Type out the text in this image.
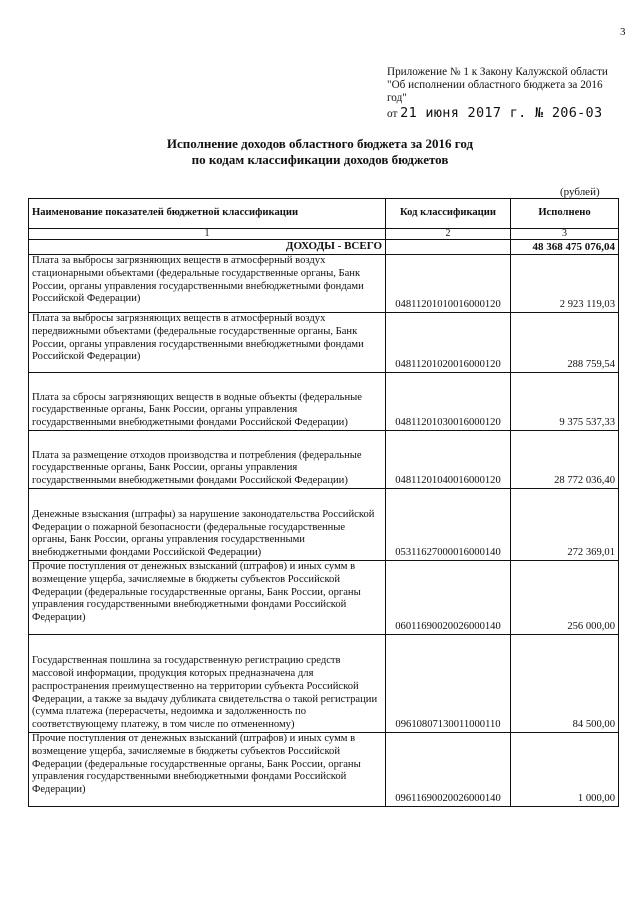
3
Приложение № 1 к Закону Калужской области
"Об исполнении областного бюджета за 2016
год"
от 21 июня 2017 г. № 206-03
Исполнение доходов областного бюджета за 2016 год
по кодам классификации доходов бюджетов
(рублей)
Наименование показателей бюджетной классификации	Код классификации	Исполнено
1	2	3
ДОХОДЫ - ВСЕГО		48 368 475 076,04
Плата за выбросы загрязняющих веществ в атмосферный воздух стационарными объектами (федеральные государственные органы, Банк России, органы управления государственными внебюджетными фондами Российской Федерации)	04811201010016000120	2 923 119,03
Плата за выбросы загрязняющих веществ в атмосферный воздух передвижными объектами (федеральные государственные органы, Банк России, органы управления государственными внебюджетными фондами Российской Федерации)	04811201020016000120	288 759,54
Плата за сбросы загрязняющих веществ в водные объекты (федеральные государственные органы, Банк России, органы управления государственными внебюджетными фондами Российской Федерации)	04811201030016000120	9 375 537,33
Плата за размещение отходов производства и потребления (федеральные государственные органы, Банк России, органы управления государственными внебюджетными фондами Российской Федерации)	04811201040016000120	28 772 036,40
Денежные взыскания (штрафы) за нарушение законодательства Российской Федерации о пожарной безопасности (федеральные государственные органы, Банк России, органы управления государственными внебюджетными фондами Российской Федерации)	05311627000016000140	272 369,01
Прочие поступления от денежных взысканий (штрафов) и иных сумм в возмещение ущерба, зачисляемые в бюджеты субъектов Российской Федерации (федеральные государственные органы, Банк России, органы управления государственными внебюджетными фондами Российской Федерации)	06011690020026000140	256 000,00
Государственная пошлина за государственную регистрацию средств массовой информации, продукция которых предназначена для распространения преимущественно на территории субъекта Российской Федерации, а также за выдачу дубликата свидетельства о такой регистрации (сумма платежа (перерасчеты, недоимка и задолженность по соответствующему платежу, в том числе по отмененному)	09610807130011000110	84 500,00
Прочие поступления от денежных взысканий (штрафов) и иных сумм в возмещение ущерба, зачисляемые в бюджеты субъектов Российской Федерации (федеральные государственные органы, Банк России, органы управления государственными внебюджетными фондами Российской Федерации)	09611690020026000140	1 000,00
